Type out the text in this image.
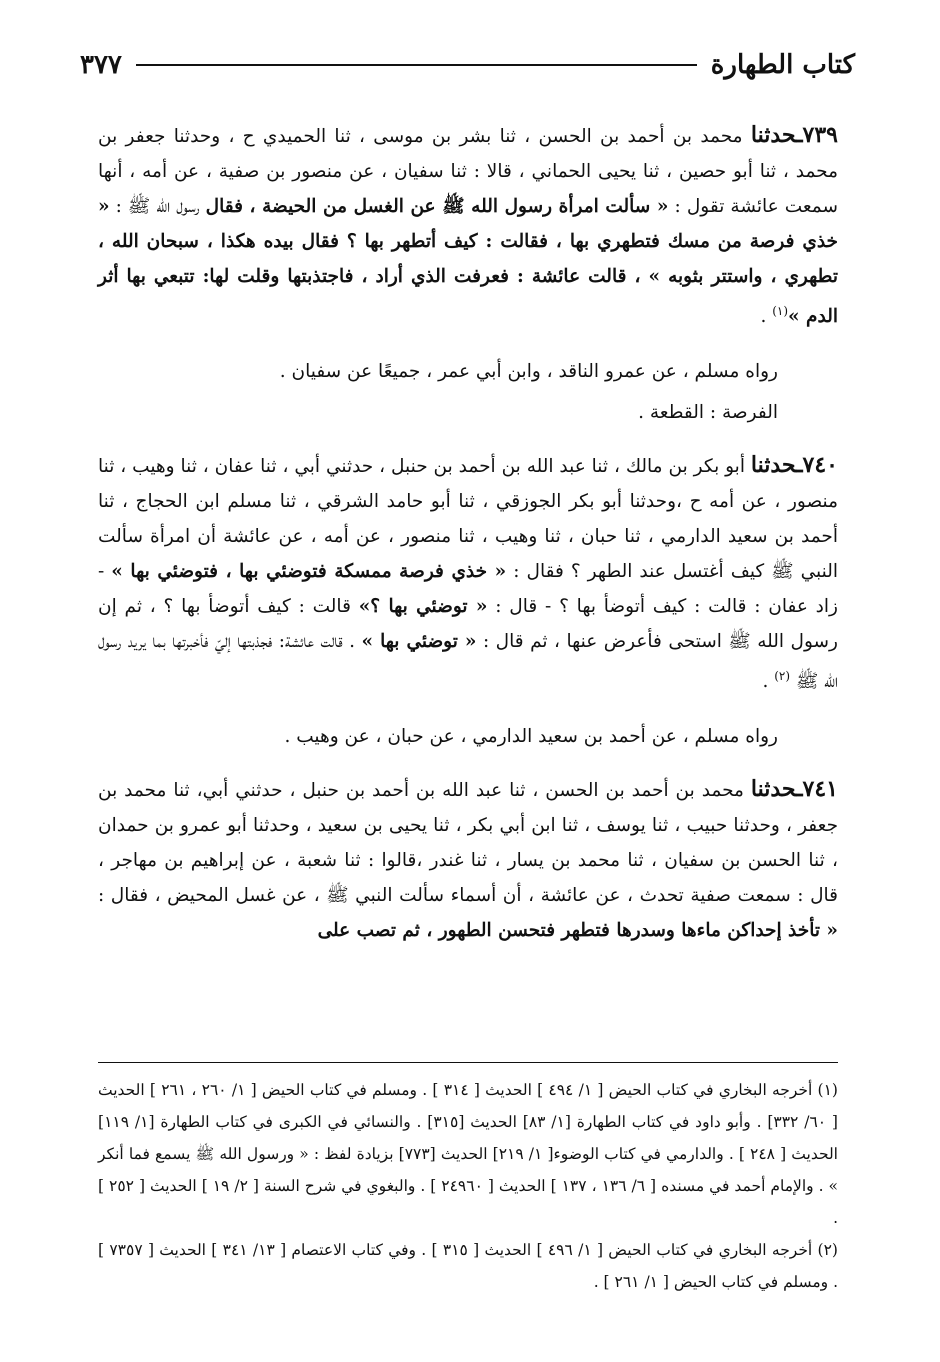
كتاب الطهارة
٣٧٧

٧٣٩ـحدثنا محمد بن أحمد بن الحسن ، ثنا بشر بن موسى ، ثنا الحميدي ح ، وحدثنا جعفر بن محمد ، ثنا أبو حصين ، ثنا يحيى الحماني ، قالا : ثنا سفيان ، عن منصور بن صفية ، عن أمه ، أنها سمعت عائشة تقول : « سألت امرأة رسول الله ﷺ عن الغسل من الحيضة ، فقال رسول الله ﷺ : « خذي فرصة من مسك فتطهري بها ، فقالت : كيف أتطهر بها ؟ فقال بيده هكذا ، سبحان الله ، تطهري ، واستتر بثوبه » ، قالت عائشة : فعرفت الذي أراد ، فاجتذبتها وقلت لها: تتبعي بها أثر الدم »$^{(١)}$ .

رواه مسلم ، عن عمرو الناقد ، وابن أبي عمر ، جميعًا عن سفيان .

الفرصة : القطعة .

٧٤٠ـحدثنا أبو بكر بن مالك ، ثنا عبد الله بن أحمد بن حنبل ، حدثني أبي ، ثنا عفان ، ثنا وهيب ، ثنا منصور ، عن أمه ح ،وحدثنا أبو بكر الجوزقي ، ثنا أبو حامد الشرقي ، ثنا مسلم ابن الحجاج ، ثنا أحمد بن سعيد الدارمي ، ثنا حبان ، ثنا وهيب ، ثنا منصور ، عن أمه ، عن عائشة أن امرأة سألت النبي ﷺ كيف أغتسل عند الطهر ؟ فقال : « خذي فرصة ممسكة فتوضئي بها ، فتوضئي بها » - زاد عفان : قالت : كيف أتوضأ بها ؟ - قال : « توضئي بها ؟» قالت : كيف أتوضأ بها ؟ ، ثم إن رسول الله ﷺ استحى فأعرض عنها ، ثم قال : « توضئي بها » . قالت عائشة: فجذبتها إليّ فأخبرتها بما يريد رسول الله ﷺ $^{(٢)}$ .

رواه مسلم ، عن أحمد بن سعيد الدارمي ، عن حبان ، عن وهيب .

٧٤١ـحدثنا محمد بن أحمد بن الحسن ، ثنا عبد الله بن أحمد بن حنبل ، حدثني أبي، ثنا محمد بن جعفر ، وحدثنا حبيب ، ثنا يوسف ، ثنا ابن أبي بكر ، ثنا يحيى بن سعيد ، وحدثنا أبو عمرو بن حمدان ، ثنا الحسن بن سفيان ، ثنا محمد بن يسار ، ثنا غندر ،قالوا : ثنا شعبة ، عن إبراهيم بن مهاجر ، قال : سمعت صفية تحدث ، عن عائشة ، أن أسماء سألت النبي ﷺ ، عن غسل المحيض ، فقال : « تأخذ إحداكن ماءها وسدرها فتطهر فتحسن الطهور ، ثم تصب على

(١) أخرجه البخاري في كتاب الحيض [ ١/ ٤٩٤ ] الحديث [ ٣١٤ ] . ومسلم في كتاب الحيض [ ١/ ٢٦٠ ، ٢٦١ ] الحديث [ ٦٠/ ٣٣٢] . وأبو داود في كتاب الطهارة [١/ ٨٣] الحديث [٣١٥] . والنسائي في الكبرى في كتاب الطهارة [١/ ١١٩] الحديث [ ٢٤٨ ] . والدارمي في كتاب الوضوء[ ١/ ٢١٩] الحديث [٧٧٣] بزيادة لفظ : « ورسول الله ﷺ يسمع فما أنكر » . والإمام أحمد في مسنده [ ٦/ ١٣٦ ، ١٣٧ ] الحديث [ ٢٤٩٦٠ ] . والبغوي في شرح السنة [ ٢/ ١٩ ] الحديث [ ٢٥٢ ] .

(٢) أخرجه البخاري في كتاب الحيض [ ١/ ٤٩٦ ] الحديث [ ٣١٥ ] . وفي كتاب الاعتصام [ ١٣/ ٣٤١ ] الحديث [ ٧٣٥٧ ] . ومسلم في كتاب الحيض [ ١/ ٢٦١ ] .
